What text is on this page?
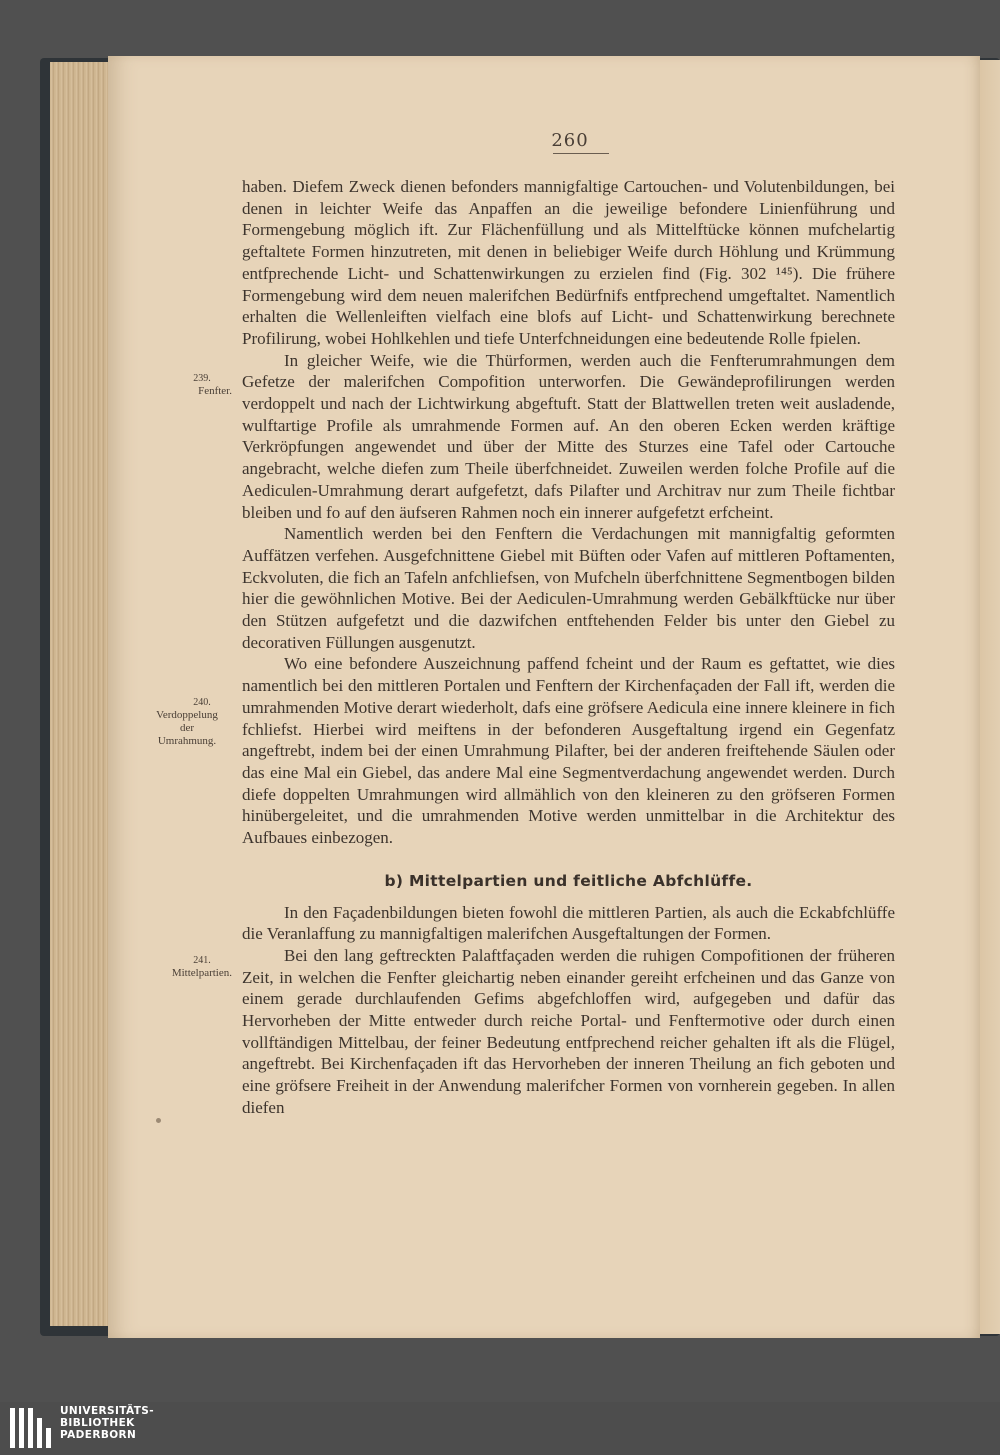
260
239.
Fenfter.
240.
Verdoppelung
der
Umrahmung.
241.
Mittelpartien.

haben. Diefem Zweck dienen befonders mannigfaltige Cartouchen- und Volutenbildungen, bei denen in leichter Weife das Anpaffen an die jeweilige befondere Linienführung und Formengebung möglich ift. Zur Flächenfüllung und als Mittelftücke können mufchelartig geftaltete Formen hinzutreten, mit denen in beliebiger Weife durch Höhlung und Krümmung entfprechende Licht- und Schattenwirkungen zu erzielen find (Fig. 302 ¹⁴⁵). Die frühere Formengebung wird dem neuen malerifchen Bedürfnifs entfprechend umgeftaltet. Namentlich erhalten die Wellenleiften vielfach eine blofs auf Licht- und Schattenwirkung berechnete Profilirung, wobei Hohlkehlen und tiefe Unterfchneidungen eine bedeutende Rolle fpielen.

In gleicher Weife, wie die Thürformen, werden auch die Fenfterumrahmungen dem Gefetze der malerifchen Compofition unterworfen. Die Gewändeprofilirungen werden verdoppelt und nach der Lichtwirkung abgeftuft. Statt der Blattwellen treten weit ausladende, wulftartige Profile als umrahmende Formen auf. An den oberen Ecken werden kräftige Verkröpfungen angewendet und über der Mitte des Sturzes eine Tafel oder Cartouche angebracht, welche diefen zum Theile überfchneidet. Zuweilen werden folche Profile auf die Aediculen-Umrahmung derart aufgefetzt, dafs Pilafter und Architrav nur zum Theile fichtbar bleiben und fo auf den äufseren Rahmen noch ein innerer aufgefetzt erfcheint.

Namentlich werden bei den Fenftern die Verdachungen mit mannigfaltig geformten Auffätzen verfehen. Ausgefchnittene Giebel mit Büften oder Vafen auf mittleren Poftamenten, Eckvoluten, die fich an Tafeln anfchliefsen, von Mufcheln überfchnittene Segmentbogen bilden hier die gewöhnlichen Motive. Bei der Aediculen-Umrahmung werden Gebälkftücke nur über den Stützen aufgefetzt und die dazwifchen entftehenden Felder bis unter den Giebel zu decorativen Füllungen ausgenutzt.

Wo eine befondere Auszeichnung paffend fcheint und der Raum es geftattet, wie dies namentlich bei den mittleren Portalen und Fenftern der Kirchenfaçaden der Fall ift, werden die umrahmenden Motive derart wiederholt, dafs eine gröfsere Aedicula eine innere kleinere in fich fchliefst. Hierbei wird meiftens in der befonderen Ausgeftaltung irgend ein Gegenfatz angeftrebt, indem bei der einen Umrahmung Pilafter, bei der anderen freiftehende Säulen oder das eine Mal ein Giebel, das andere Mal eine Segmentverdachung angewendet werden. Durch diefe doppelten Umrahmungen wird allmählich von den kleineren zu den gröfseren Formen hinübergeleitet, und die umrahmenden Motive werden unmittelbar in die Architektur des Aufbaues einbezogen.

b) Mittelpartien und feitliche Abfchlüffe.

In den Façadenbildungen bieten fowohl die mittleren Partien, als auch die Eckabfchlüffe die Veranlaffung zu mannigfaltigen malerifchen Ausgeftaltungen der Formen.

Bei den lang geftreckten Palaftfaçaden werden die ruhigen Compofitionen der früheren Zeit, in welchen die Fenfter gleichartig neben einander gereiht erfcheinen und das Ganze von einem gerade durchlaufenden Gefims abgefchloffen wird, aufgegeben und dafür das Hervorheben der Mitte entweder durch reiche Portal- und Fenftermotive oder durch einen vollftändigen Mittelbau, der feiner Bedeutung entfprechend reicher gehalten ift als die Flügel, angeftrebt. Bei Kirchenfaçaden ift das Hervorheben der inneren Theilung an fich geboten und eine gröfsere Freiheit in der Anwendung malerifcher Formen von vornherein gegeben. In allen diefen

UNIVERSITÄTS-
BIBLIOTHEK
PADERBORN
